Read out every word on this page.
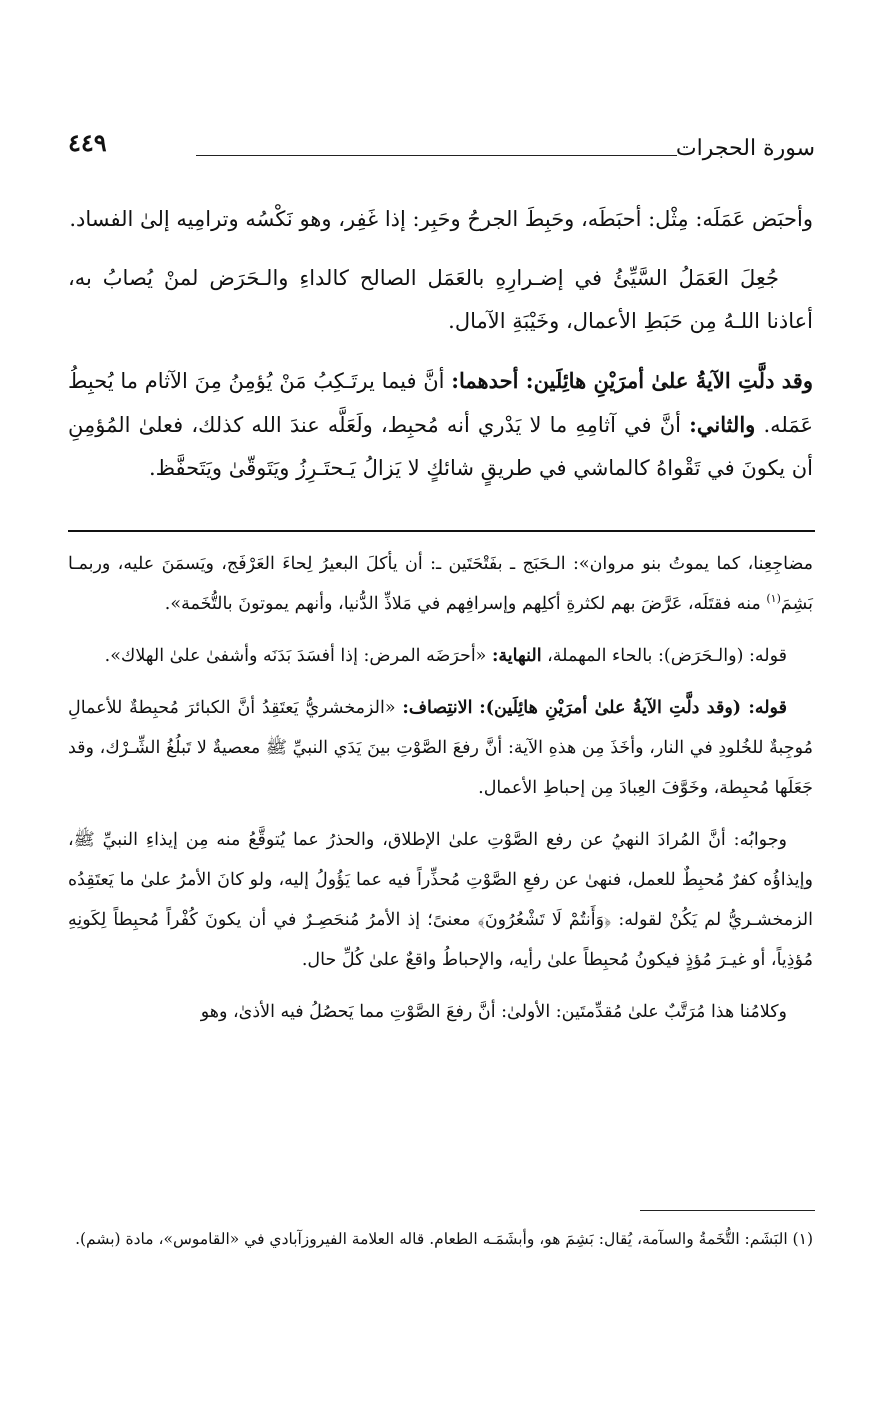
سورة الحجرات
٤٤٩

وأحبَض عَمَلَه: مِثْل: أحبَطَه، وحَبِطَ الجرحُ وحَبِر: إذا غَفِر، وهو نَكْسُه وترامِيه إلىٰ الفساد.

جُعِلَ العَمَلُ السَّيِّئُ في إضـرارِهِ بالعَمَل الصالح كالداءِ والـحَرَض لمنْ يُصابُ به، أعاذنا اللـهُ مِن حَبَطِ الأعمال، وخَيْبَةِ الآمال.

وقد دلَّتِ الآيةُ علىٰ أمرَيْنِ هائِلَين: أحدهما: أنَّ فيما يرتَـكِبُ مَنْ يُؤمِنُ مِنَ الآثام ما يُحبِطُ عَمَله. والثاني: أنَّ في آثامِهِ ما لا يَدْري أنه مُحبِط، ولَعَلَّه عندَ الله كذلك، فعلىٰ المُؤمِنِ أن يكونَ في تَقْواهُ كالماشي في طريقٍ شائكٍ لا يَزالُ يَـحتَـرِزُ ويَتَوقّىٰ ويَتَحفَّظ.

مضاجِعِنا، كما يموتُ بنو مروان»: الـحَبَج ـ بفَتْحَتَين ـ: أن يأكلَ البعيرُ لِحاءَ العَرْفَج، ويَسمَنَ عليه، وربمـا بَشِمَ$^{(١)}$ منه فقتَلَه، عَرَّضَ بهم لكثرةِ أكلِهم وإسرافِهم في مَلاذِّ الدُّنيا، وأنهم يموتونَ بالتُّخَمة».

قوله: (والـحَرَض): بالحاء المهملة، النهاية: «أحرَضَه المرض: إذا أفسَدَ بَدَنَه وأشفىٰ علىٰ الهلاك».

قوله: (وقد دلَّتِ الآيةُ علىٰ أمرَيْنِ هائِلَين): الانتِصاف: «الزمخشريُّ يَعتَقِدُ أنَّ الكبائرَ مُحبِطةٌ للأعمالِ مُوجِبةٌ للخُلودِ في النار، وأخَذَ مِن هذهِ الآية: أنَّ رفعَ الصَّوْتِ بينَ يَدَي النبيِّ ﷺ معصيةٌ لا تَبلُغُ الشِّـرْك، وقد جَعَلَها مُحبِطة، وخَوَّفَ العِبادَ مِن إحباطِ الأعمال.

وجوابُه: أنَّ المُرادَ النهيُ عن رفع الصَّوْتِ علىٰ الإطلاق، والحذرُ عما يُتوقَّعُ منه مِن إيذاءِ النبيِّ ﷺ، وإيذاؤُه كفرٌ مُحبِطٌ للعمل، فنهىٰ عن رفعِ الصَّوْتِ مُحذِّراً فيه عما يَؤُولُ إليه، ولو كانَ الأمرُ علىٰ ما يَعتَقِدُه الزمخشـريُّ لم يَكُنْ لقوله: ﴿وَأَنتُمْ لَا تَشْعُرُونَ﴾ معنىً؛ إذ الأمرُ مُنحَصِـرٌ في أن يكونَ كُفْراً مُحبِطاً لِكَونِهِ مُؤذِياً، أو غيـرَ مُؤذٍ فيكونُ مُحبِطاً علىٰ رأيه، والإحباطُ واقعٌ علىٰ كُلِّ حال.

وكلامُنا هذا مُرَتَّبٌ علىٰ مُقدِّمتَين: الأولىٰ: أنَّ رفعَ الصَّوْتِ مما يَحصُلُ فيه الأذىٰ، وهو

(١) البَشَم: التُّخَمةُ والسآمة، يُقال: بَشِمَ هو، وأبشَمَـه الطعام. قاله العلامة الفيروزآبادي في «القاموس»، مادة (بشم).
